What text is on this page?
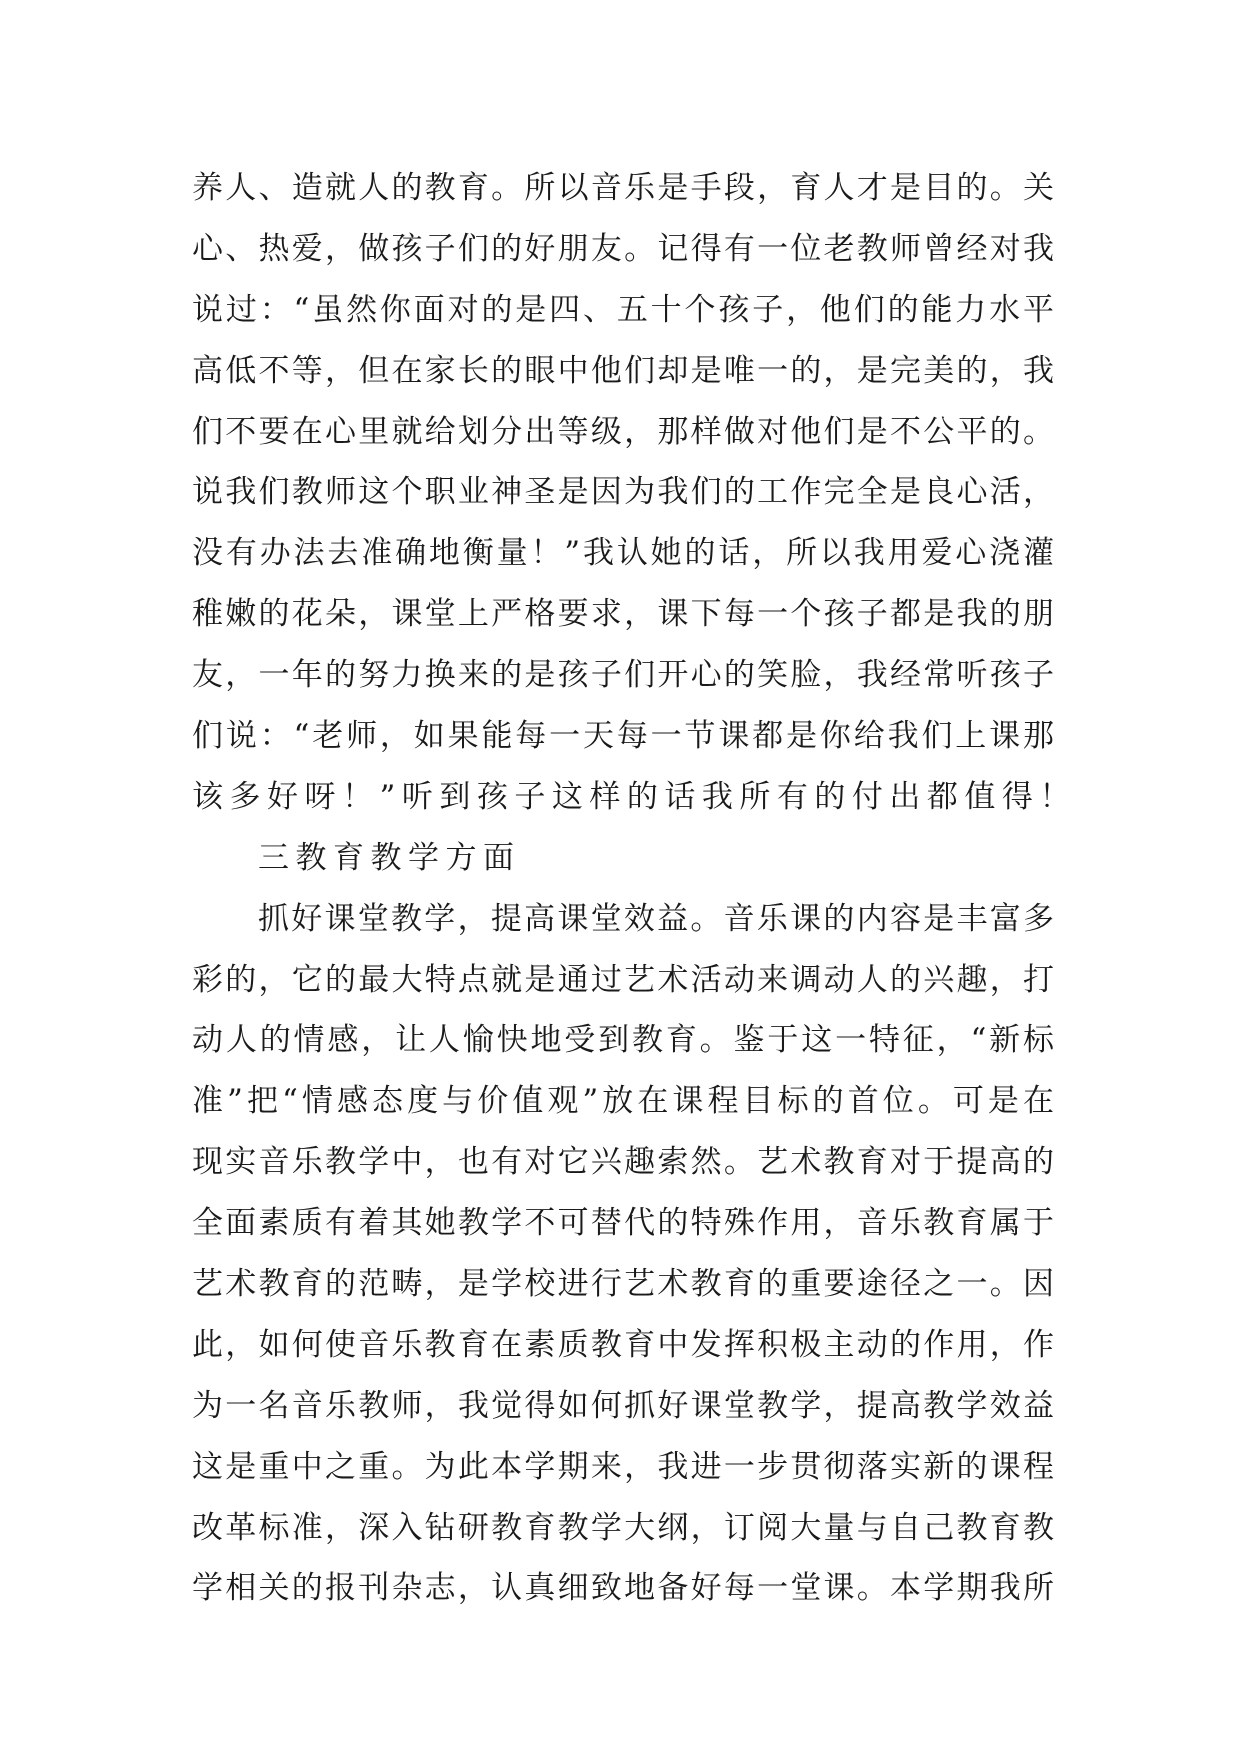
养人、造就人的教育。所以音乐是手段，育人才是目的。关
心、热爱，做孩子们的好朋友。记得有一位老教师曾经对我
说过：“虽然你面对的是四、五十个孩子，他们的能力水平
高低不等，但在家长的眼中他们却是唯一的，是完美的，我
们不要在心里就给划分出等级，那样做对他们是不公平的。
说我们教师这个职业神圣是因为我们的工作完全是良心活，
没有办法去准确地衡量！”我认她的话，所以我用爱心浇灌
稚嫩的花朵，课堂上严格要求，课下每一个孩子都是我的朋
友，一年的努力换来的是孩子们开心的笑脸，我经常听孩子
们说：“老师，如果能每一天每一节课都是你给我们上课那
该多好呀！”听到孩子这样的话我所有的付出都值得！
三教育教学方面
抓好课堂教学，提高课堂效益。音乐课的内容是丰富多
彩的，它的最大特点就是通过艺术活动来调动人的兴趣，打
动人的情感，让人愉快地受到教育。鉴于这一特征，“新标
准”把“情感态度与价值观”放在课程目标的首位。可是在
现实音乐教学中，也有对它兴趣索然。艺术教育对于提高的
全面素质有着其她教学不可替代的特殊作用，音乐教育属于
艺术教育的范畴，是学校进行艺术教育的重要途径之一。因
此，如何使音乐教育在素质教育中发挥积极主动的作用，作
为一名音乐教师，我觉得如何抓好课堂教学，提高教学效益
这是重中之重。为此本学期来，我进一步贯彻落实新的课程
改革标准，深入钻研教育教学大纲，订阅大量与自己教育教
学相关的报刊杂志，认真细致地备好每一堂课。本学期我所
